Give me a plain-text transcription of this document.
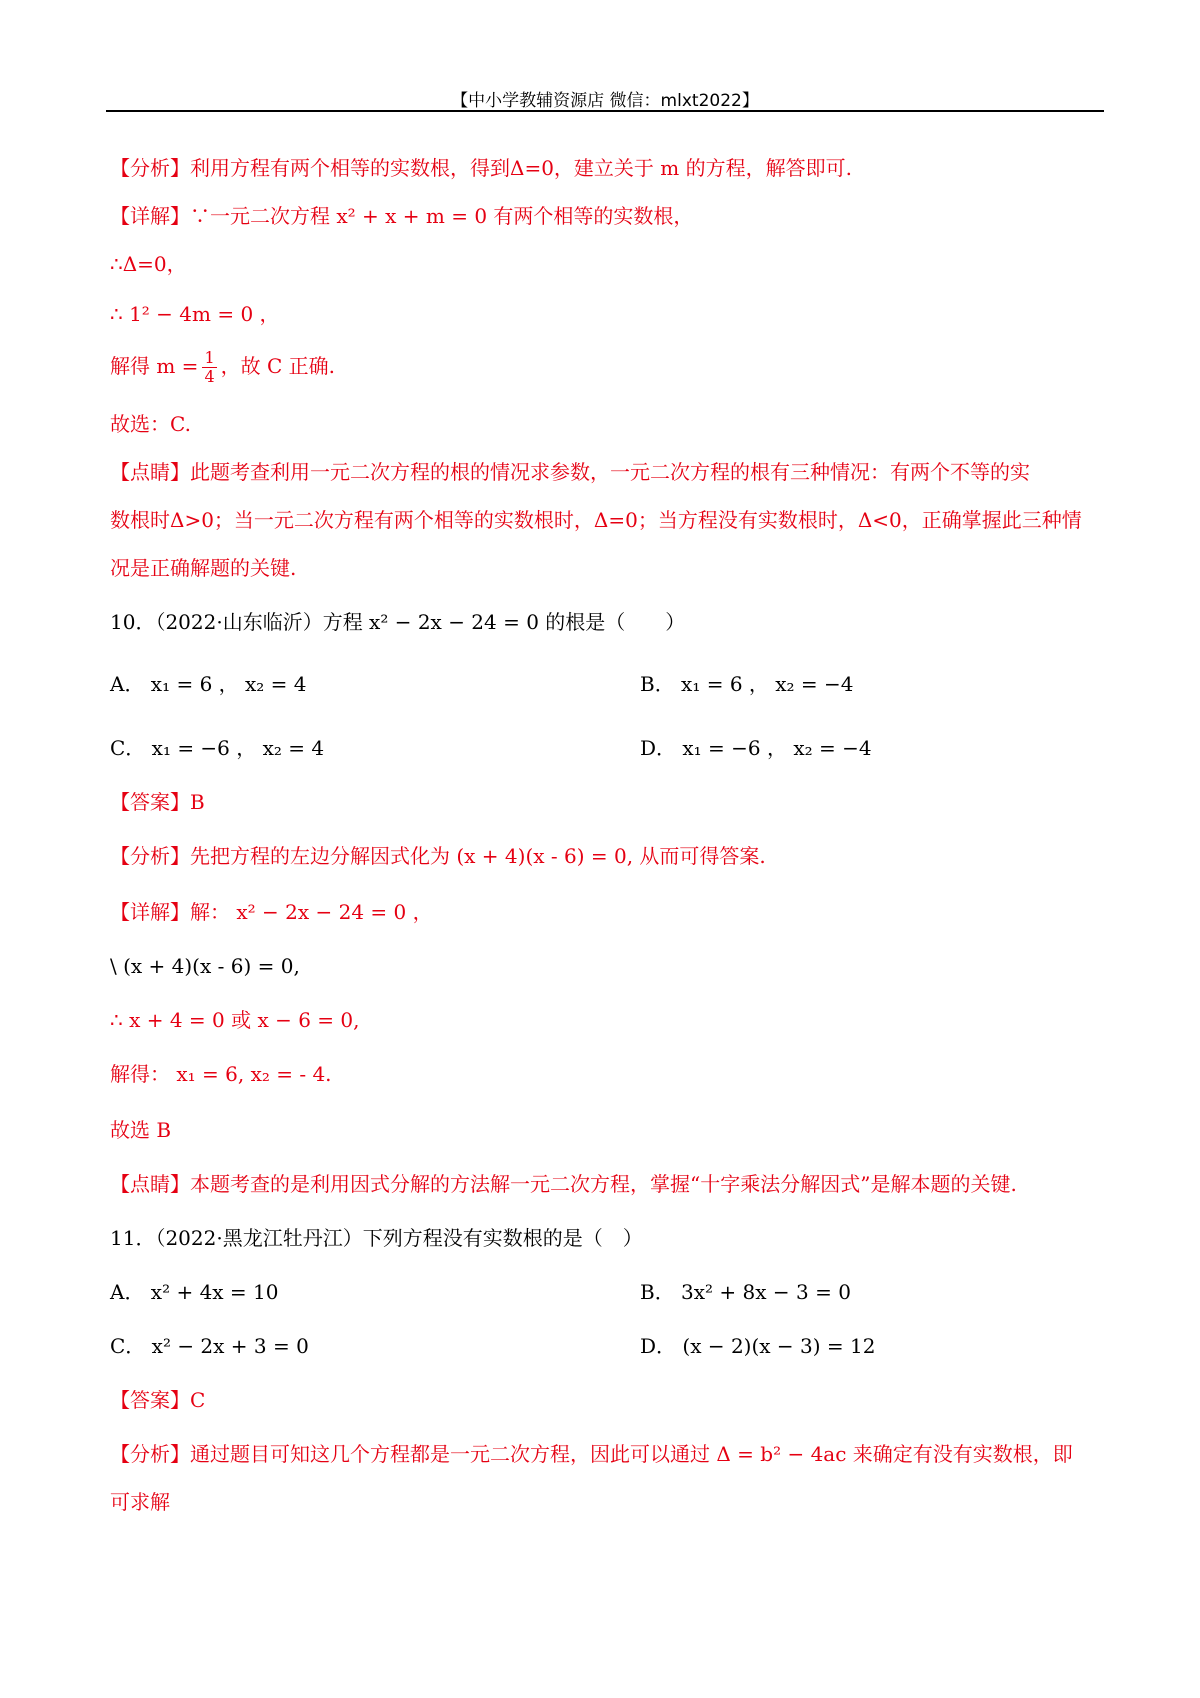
【中小学教辅资源店 微信：mlxt2022】
【分析】利用方程有两个相等的实数根，得到Δ=0，建立关于 m 的方程，解答即可.
【详解】∵一元二次方程 x² + x + m = 0 有两个相等的实数根，
∴Δ=0，
∴ 1² − 4m = 0 ，
解得 $m = \frac{1}{4}$ ，故 C 正确.
故选：C.
【点睛】此题考查利用一元二次方程的根的情况求参数，一元二次方程的根有三种情况：有两个不等的实
数根时Δ>0；当一元二次方程有两个相等的实数根时，Δ=0；当方程没有实数根时，Δ<0，正确掌握此三种情
况是正确解题的关键.
10．（2022·山东临沂）方程 x² − 2x − 24 = 0 的根是（　　）
A． x₁ = 6 ， x₂ = 4	B． x₁ = 6 ， x₂ = −4
C． x₁ = −6 ， x₂ = 4	D． x₁ = −6 ， x₂ = −4
【答案】B
【分析】先把方程的左边分解因式化为 (x + 4)(x - 6) = 0, 从而可得答案.
【详解】解： x² − 2x − 24 = 0 ，
\ (x + 4)(x - 6) = 0,
∴ x + 4 = 0 或 x − 6 = 0,
解得： x₁ = 6, x₂ = - 4.
故选 B
【点睛】本题考查的是利用因式分解的方法解一元二次方程，掌握“十字乘法分解因式”是解本题的关键.
11．（2022·黑龙江牡丹江）下列方程没有实数根的是（　）
A． x² + 4x = 10	B． 3x² + 8x − 3 = 0
C． x² − 2x + 3 = 0	D． (x − 2)(x − 3) = 12
【答案】C
【分析】通过题目可知这几个方程都是一元二次方程，因此可以通过 Δ = b² − 4ac 来确定有没有实数根，即
可求解
